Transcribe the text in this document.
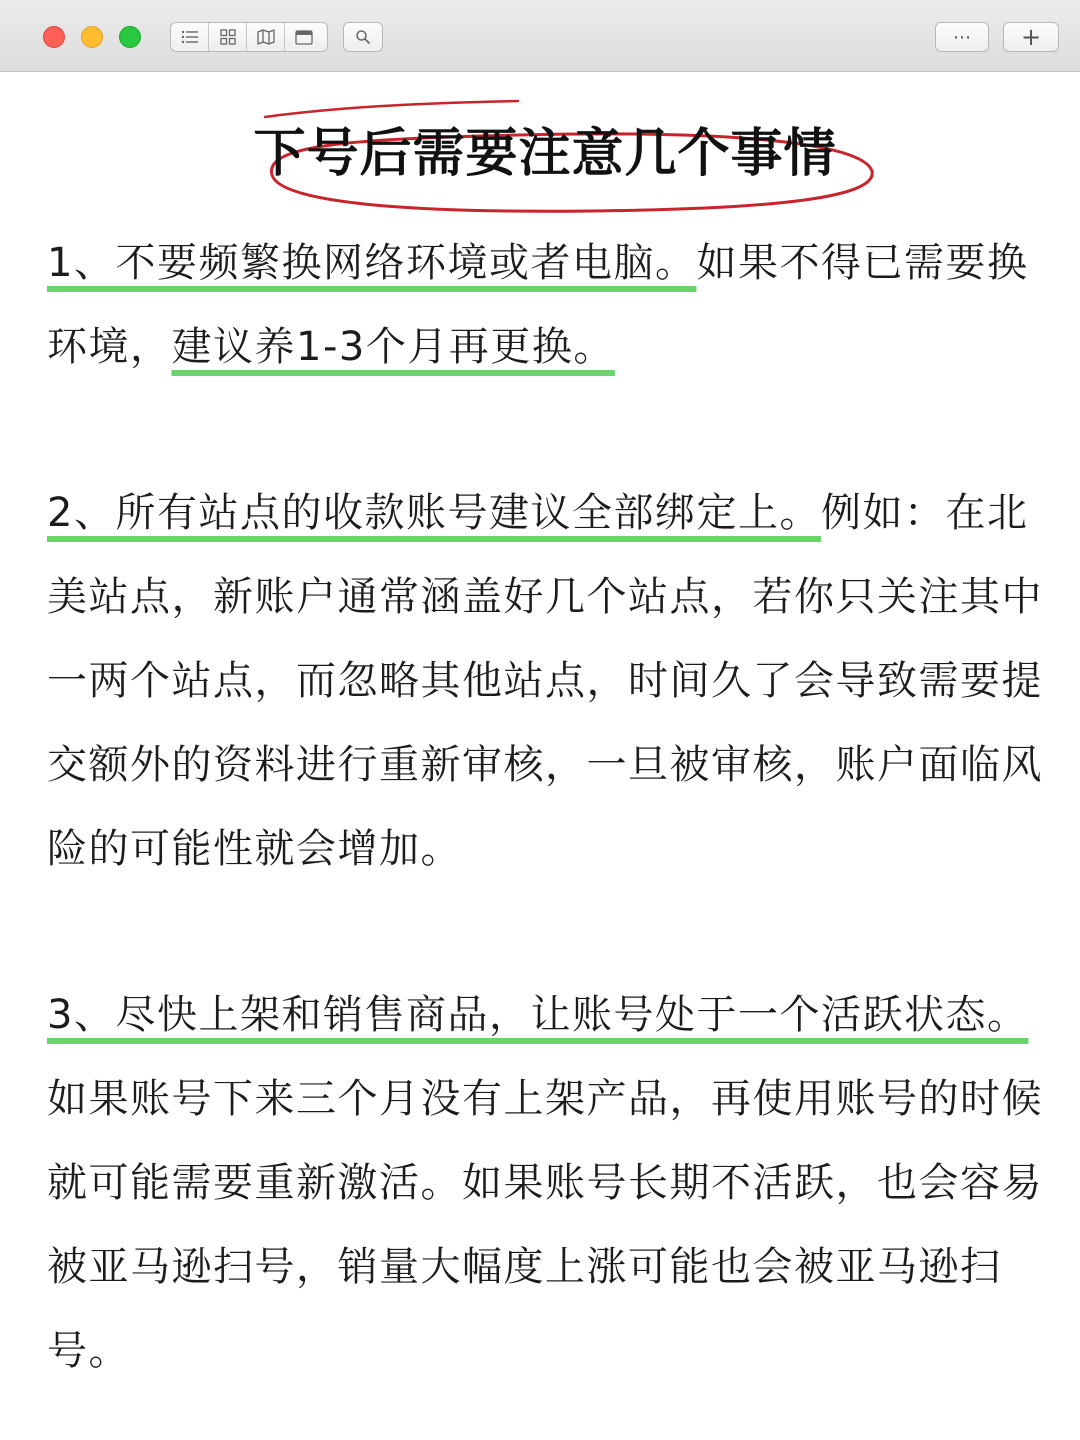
⋯ +
下号后需要注意几个事情
1、不要频繁换网络环境或者电脑。如果不得已需要换环境，建议养1-3个月再更换。
2、所有站点的收款账号建议全部绑定上。例如：在北美站点，新账户通常涵盖好几个站点，若你只关注其中一两个站点，而忽略其他站点，时间久了会导致需要提交额外的资料进行重新审核，一旦被审核，账户面临风险的可能性就会增加。
3、尽快上架和销售商品，让账号处于一个活跃状态。如果账号下来三个月没有上架产品，再使用账号的时候就可能需要重新激活。如果账号长期不活跃，也会容易被亚马逊扫号，销量大幅度上涨可能也会被亚马逊扫号。
